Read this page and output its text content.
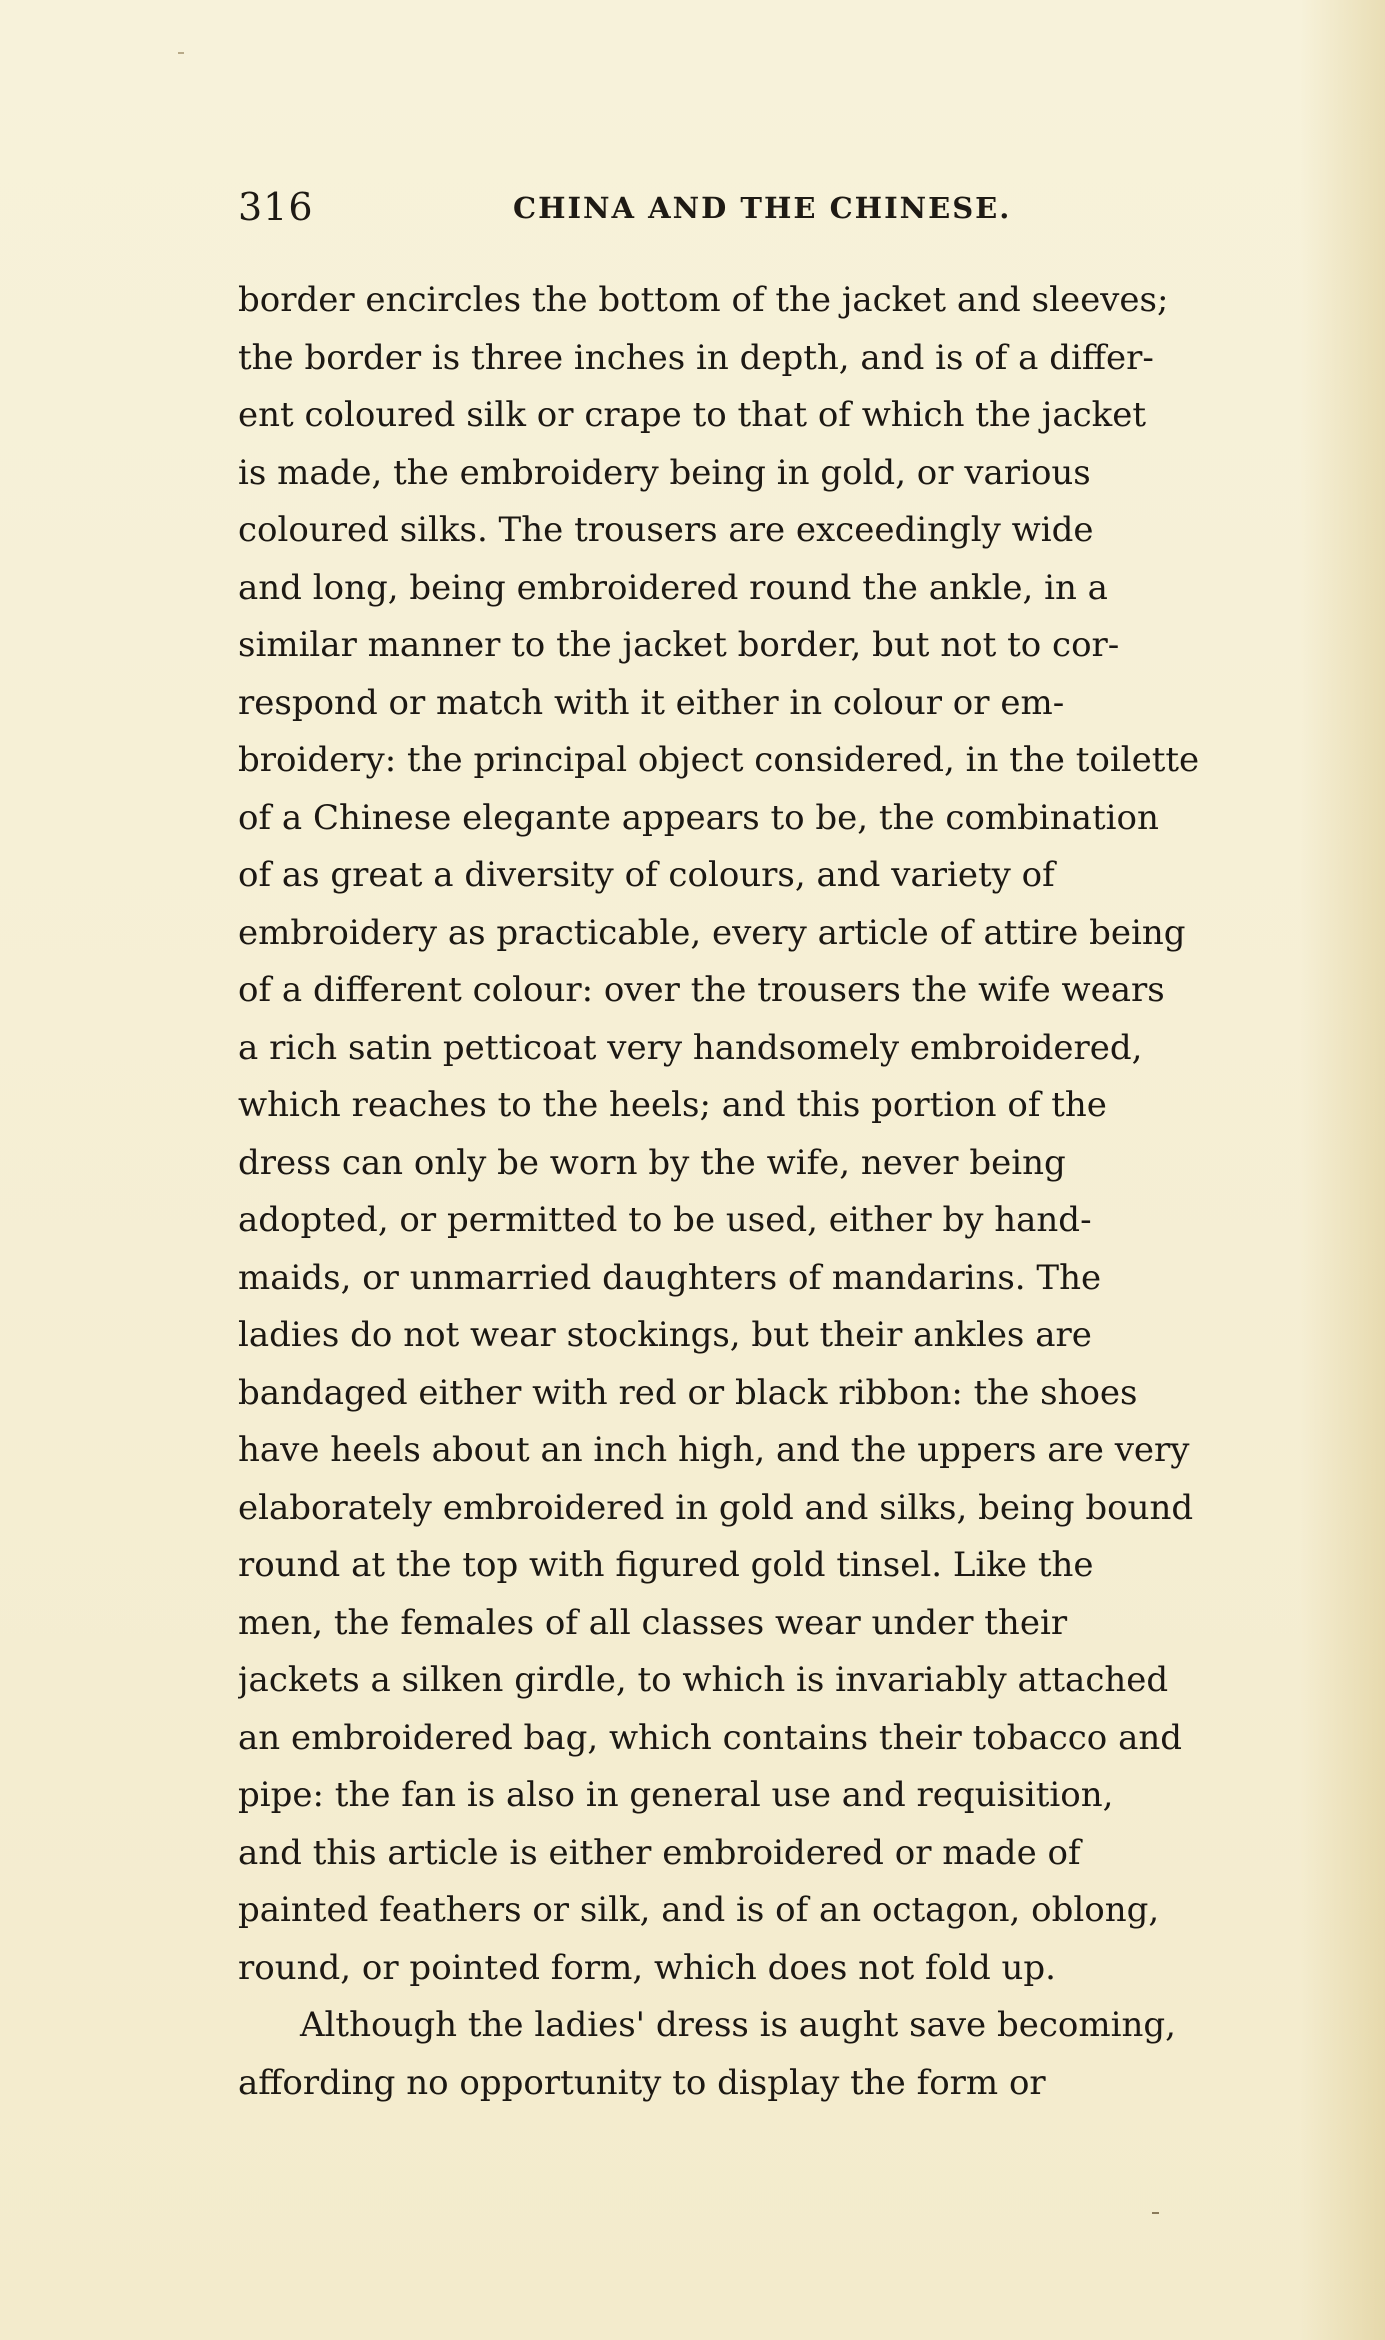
316	CHINA AND THE CHINESE.
border encircles the bottom of the jacket and sleeves;
the border is three inches in depth, and is of a differ-
ent coloured silk or crape to that of which the jacket
is made, the embroidery being in gold, or various
coloured silks. The trousers are exceedingly wide
and long, being embroidered round the ankle, in a
similar manner to the jacket border, but not to cor-
respond or match with it either in colour or em-
broidery: the principal object considered, in the toilette
of a Chinese elegante appears to be, the combination
of as great a diversity of colours, and variety of
embroidery as practicable, every article of attire being
of a different colour: over the trousers the wife wears
a rich satin petticoat very handsomely embroidered,
which reaches to the heels; and this portion of the
dress can only be worn by the wife, never being
adopted, or permitted to be used, either by hand-
maids, or unmarried daughters of mandarins. The
ladies do not wear stockings, but their ankles are
bandaged either with red or black ribbon: the shoes
have heels about an inch high, and the uppers are very
elaborately embroidered in gold and silks, being bound
round at the top with figured gold tinsel. Like the
men, the females of all classes wear under their
jackets a silken girdle, to which is invariably attached
an embroidered bag, which contains their tobacco and
pipe: the fan is also in general use and requisition,
and this article is either embroidered or made of
painted feathers or silk, and is of an octagon, oblong,
round, or pointed form, which does not fold up.
Although the ladies' dress is aught save becoming,
affording no opportunity to display the form or
